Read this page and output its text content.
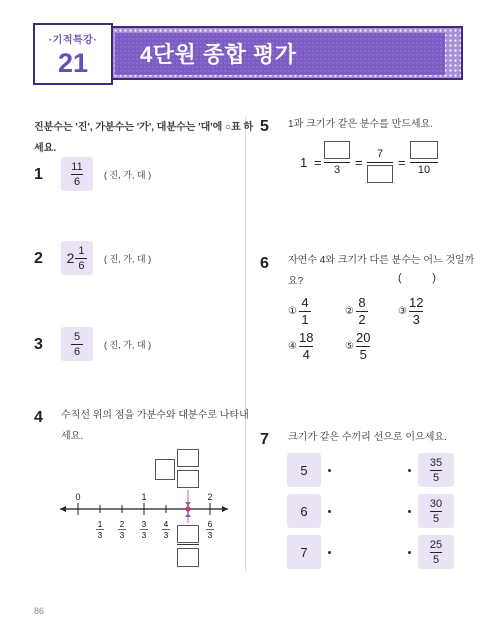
4단원 종합 평가
·기적특강·
21
진분수는 '진', 가분수는 '가', 대분수는 '대'에 ○표 하
세요.
1	$\frac{11}{6}$ ( 진, 가, 대 )
2 $2 \frac{1}{6}$ ( 진, 가, 대 )
3	$\frac{5}{6}$ ( 진, 가, 대 )
4 수직선 위의 점을 가분수와 대분수로 나타내
세요.
0	1	2
1
3
2
3
3
3
4
3
6
3
5 1과 크기가 같은 분수를 만드세요.
1 =	3	=
7
=	10
6 자연수 4와 크기가 다른 분수는 어느 것일까
요?	(          )
① $\frac{4}{1}$	② $\frac{8}{2}$	③ $\frac{12}{3}$
④ $\frac{18}{4}$	⑤ $\frac{20}{5}$
7 크기가 같은 수끼리 선으로 이으세요.
5
6
7
$\frac{35}{5}$
$\frac{30}{5}$
$\frac{25}{5}$
86
